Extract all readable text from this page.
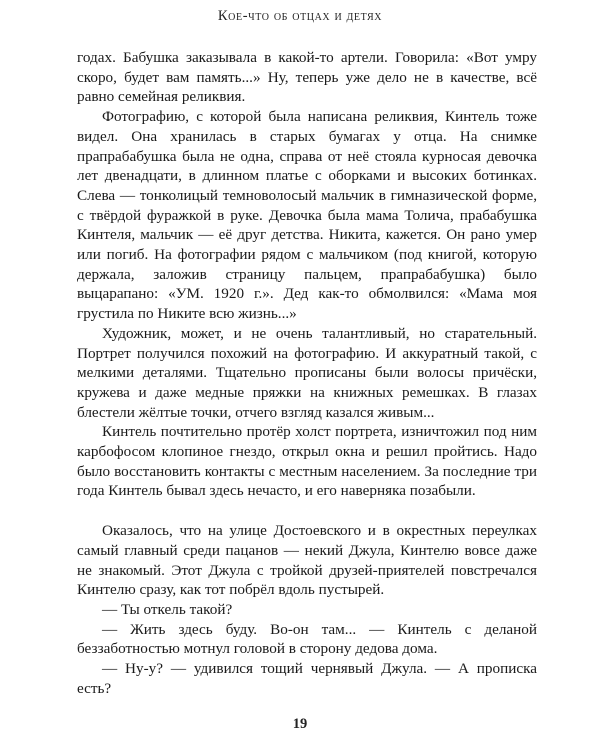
Кое-что об отцах и детях

годах. Бабушка заказывала в какой-то артели. Говорила: «Вот умру скоро, будет вам память...» Ну, теперь уже дело не в качестве, всё равно семейная реликвия.

Фотографию, с которой была написана реликвия, Кинтель тоже видел. Она хранилась в старых бумагах у отца. На снимке прапрабабушка была не одна, справа от неё стояла курносая девочка лет двенадцати, в длинном платье с оборками и высоких ботинках. Слева — тонколицый темноволосый мальчик в гимназической форме, с твёрдой фуражкой в руке. Девочка была мама Толича, прабабушка Кинтеля, мальчик — её друг детства. Никита, кажется. Он рано умер или погиб. На фотографии рядом с мальчиком (под книгой, которую держала, заложив страницу пальцем, прапрабабушка) было выцарапано: «УМ. 1920 г.». Дед как-то обмолвился: «Мама моя грустила по Никите всю жизнь...»

Художник, может, и не очень талантливый, но старательный. Портрет получился похожий на фотографию. И аккуратный такой, с мелкими деталями. Тщательно прописаны были волосы причёски, кружева и даже медные пряжки на книжных ремешках. В глазах блестели жёлтые точки, отчего взгляд казался живым...

Кинтель почтительно протёр холст портрета, изничтожил под ним карбофосом клопиное гнездо, открыл окна и решил пройтись. Надо было восстановить контакты с местным населением. За последние три года Кинтель бывал здесь нечасто, и его наверняка позабыли.

Оказалось, что на улице Достоевского и в окрестных переулках самый главный среди пацанов — некий Джула, Кинтелю вовсе даже не знакомый. Этот Джула с тройкой друзей-приятелей повстречался Кинтелю сразу, как тот побрёл вдоль пустырей.

— Ты откель такой?

— Жить здесь буду. Во-он там... — Кинтель с деланой беззаботностью мотнул головой в сторону дедова дома.

— Ну-у? — удивился тощий чернявый Джула. — А прописка есть?

19
